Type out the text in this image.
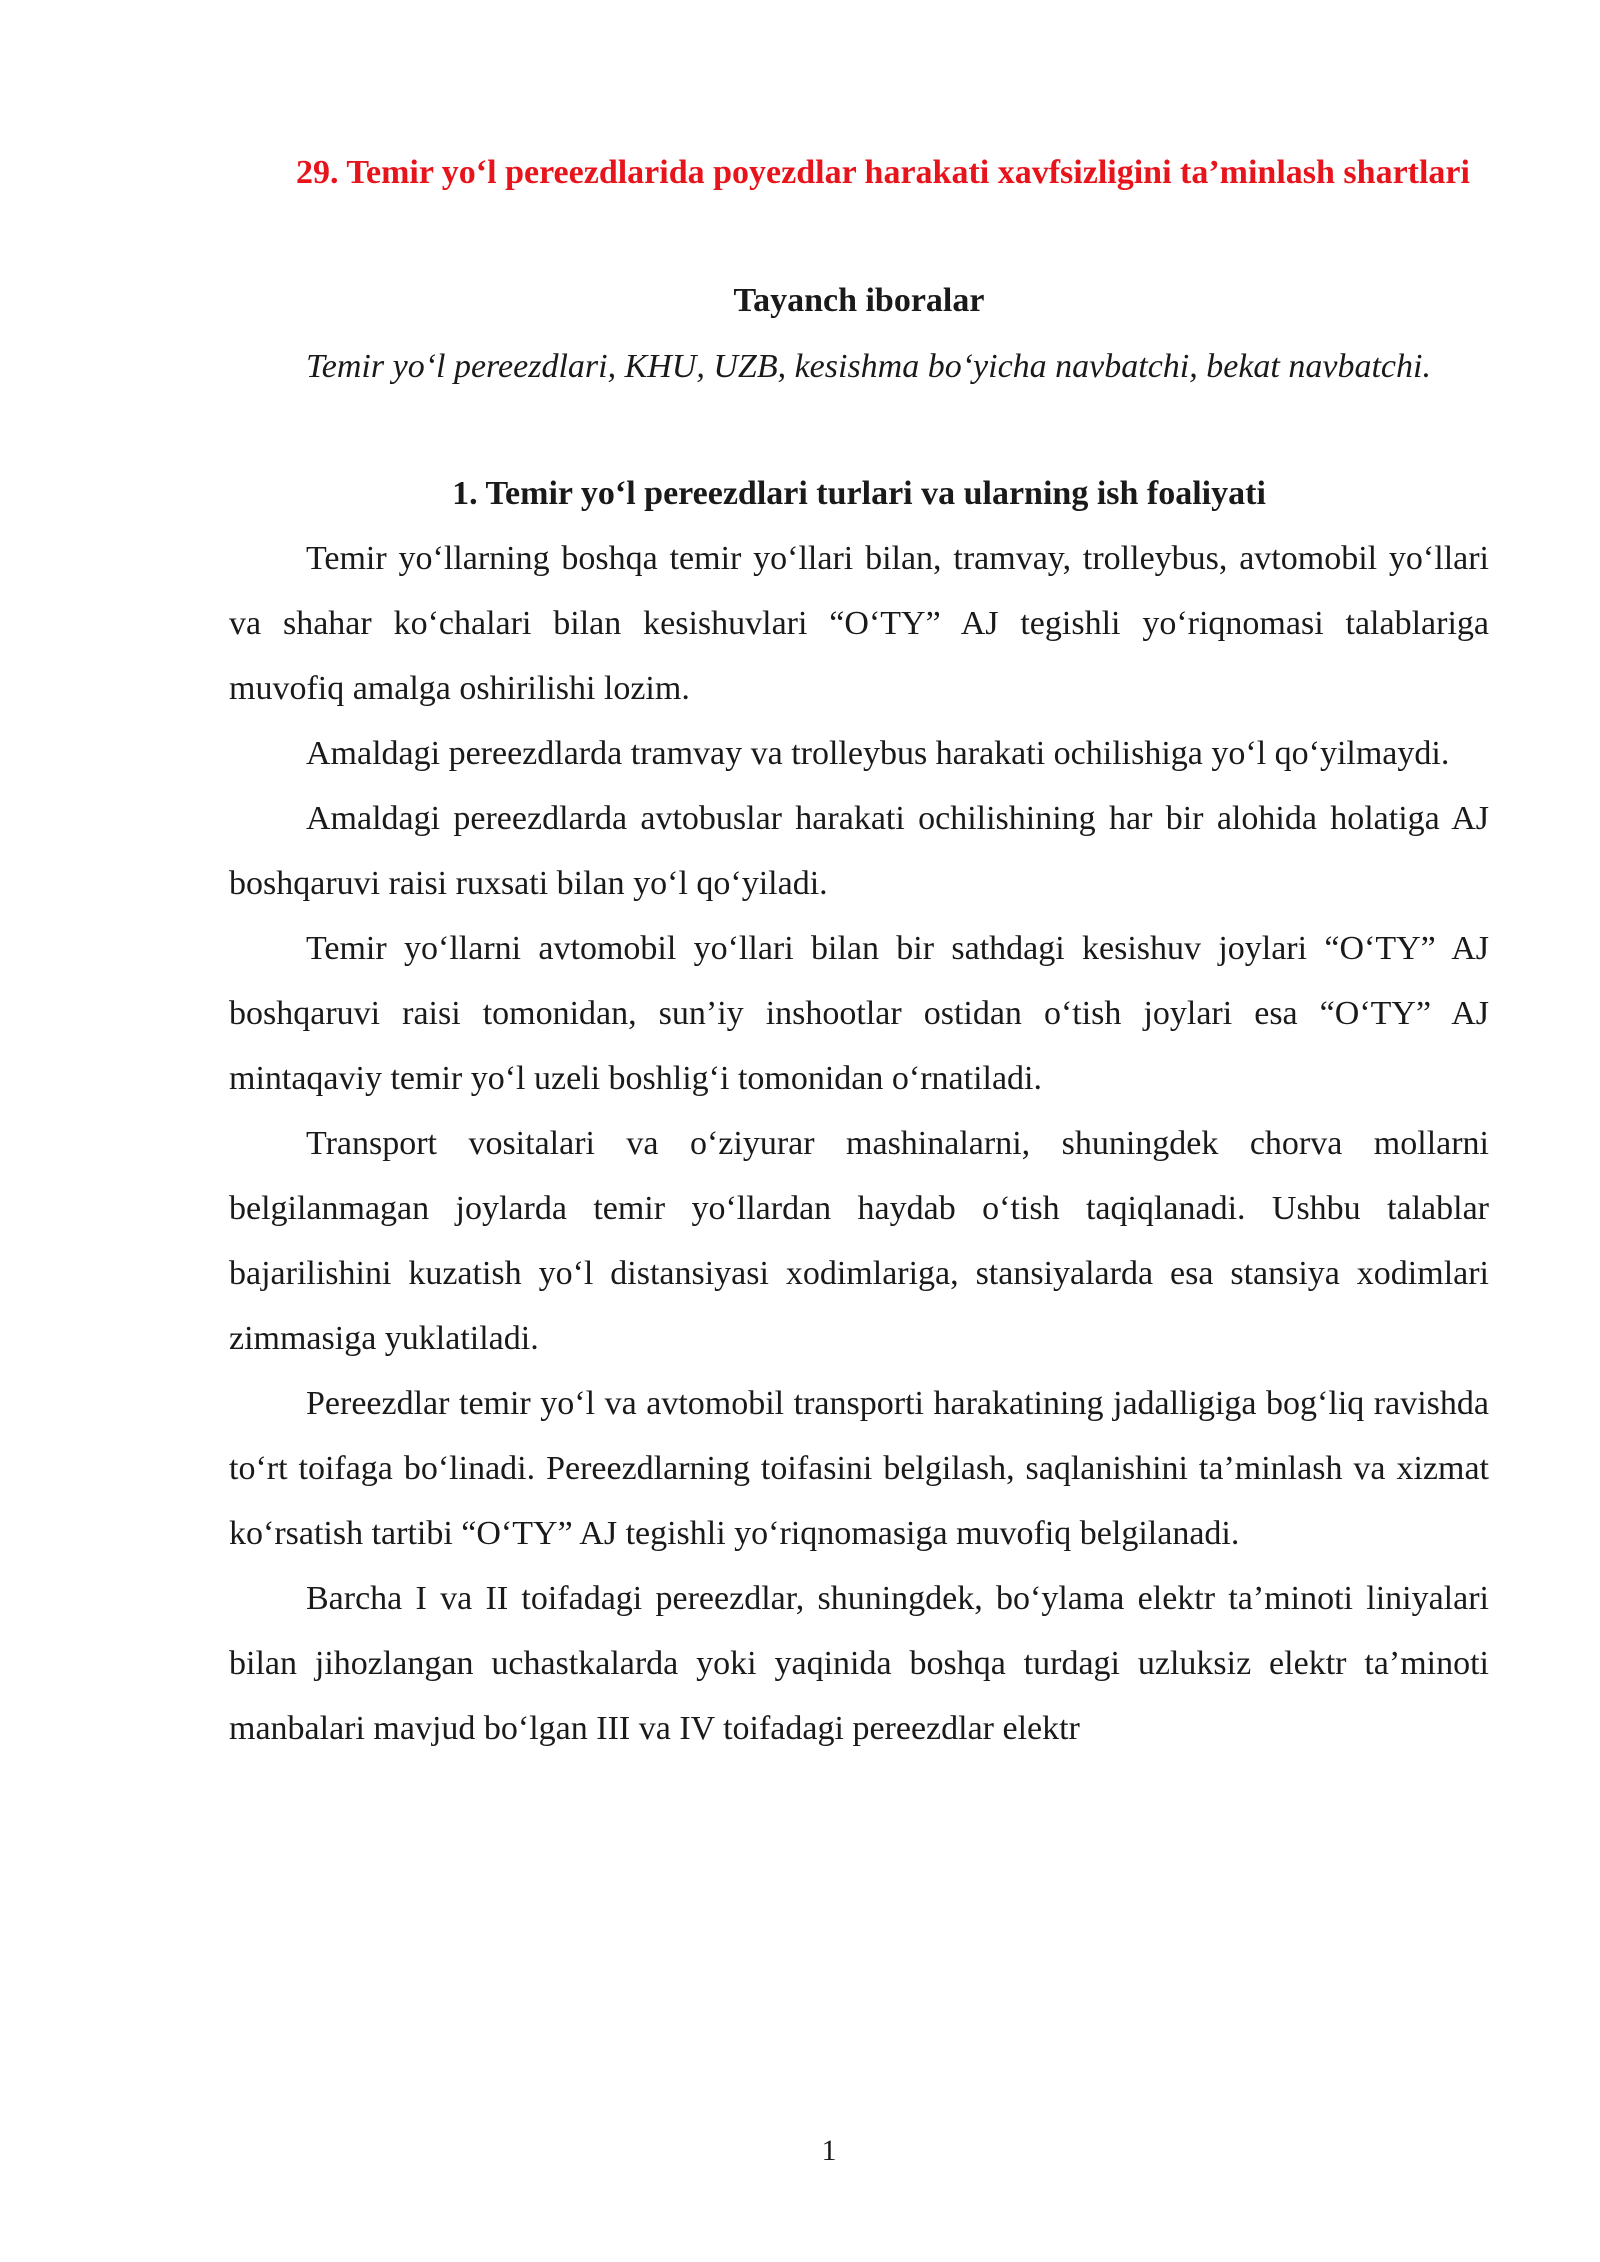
29. Temir yo‘l pereezdlarida poyezdlar harakati xavfsizligini ta’minlash shartlari
Tayanch iboralar

Temir yo‘l pereezdlari, KHU, UZB, kesishma bo‘yicha navbatchi, bekat navbatchi.

1. Temir yo‘l pereezdlari turlari va ularning ish foaliyati

Temir yo‘llarning boshqa temir yo‘llari bilan, tramvay, trolleybus, avtomobil yo‘llari va shahar ko‘chalari bilan kesishuvlari “O‘TY” AJ tegishli yo‘riqnomasi talablariga muvofiq amalga oshirilishi lozim.

Amaldagi pereezdlarda tramvay va trolleybus harakati ochilishiga yo‘l qo‘yilmaydi.

Amaldagi pereezdlarda avtobuslar harakati ochilishining har bir alohida holatiga AJ boshqaruvi raisi ruxsati bilan yo‘l qo‘yiladi.

Temir yo‘llarni avtomobil yo‘llari bilan bir sathdagi kesishuv joylari “O‘TY” AJ boshqaruvi raisi tomonidan, sun’iy inshootlar ostidan o‘tish joylari esa “O‘TY” AJ mintaqaviy temir yo‘l uzeli boshlig‘i tomonidan o‘rnatiladi.

Transport vositalari va o‘ziyurar mashinalarni, shuningdek chorva mollarni belgilanmagan joylarda temir yo‘llardan haydab o‘tish taqiqlanadi. Ushbu talablar bajarilishini kuzatish yo‘l distansiyasi xodimlariga, stansiyalarda esa stansiya xodimlari zimmasiga yuklatiladi.

Pereezdlar temir yo‘l va avtomobil transporti harakatining jadalligiga bog‘liq ravishda to‘rt toifaga bo‘linadi. Pereezdlarning toifasini belgilash, saqlanishini ta’minlash va xizmat ko‘rsatish tartibi “O‘TY” AJ tegishli yo‘riqnomasiga muvofiq belgilanadi.

Barcha I va II toifadagi pereezdlar, shuningdek, bo‘ylama elektr ta’minoti liniyalari bilan jihozlangan uchastkalarda yoki yaqinida boshqa turdagi uzluksiz elektr ta’minoti manbalari mavjud bo‘lgan III va IV toifadagi pereezdlar elektr

1
